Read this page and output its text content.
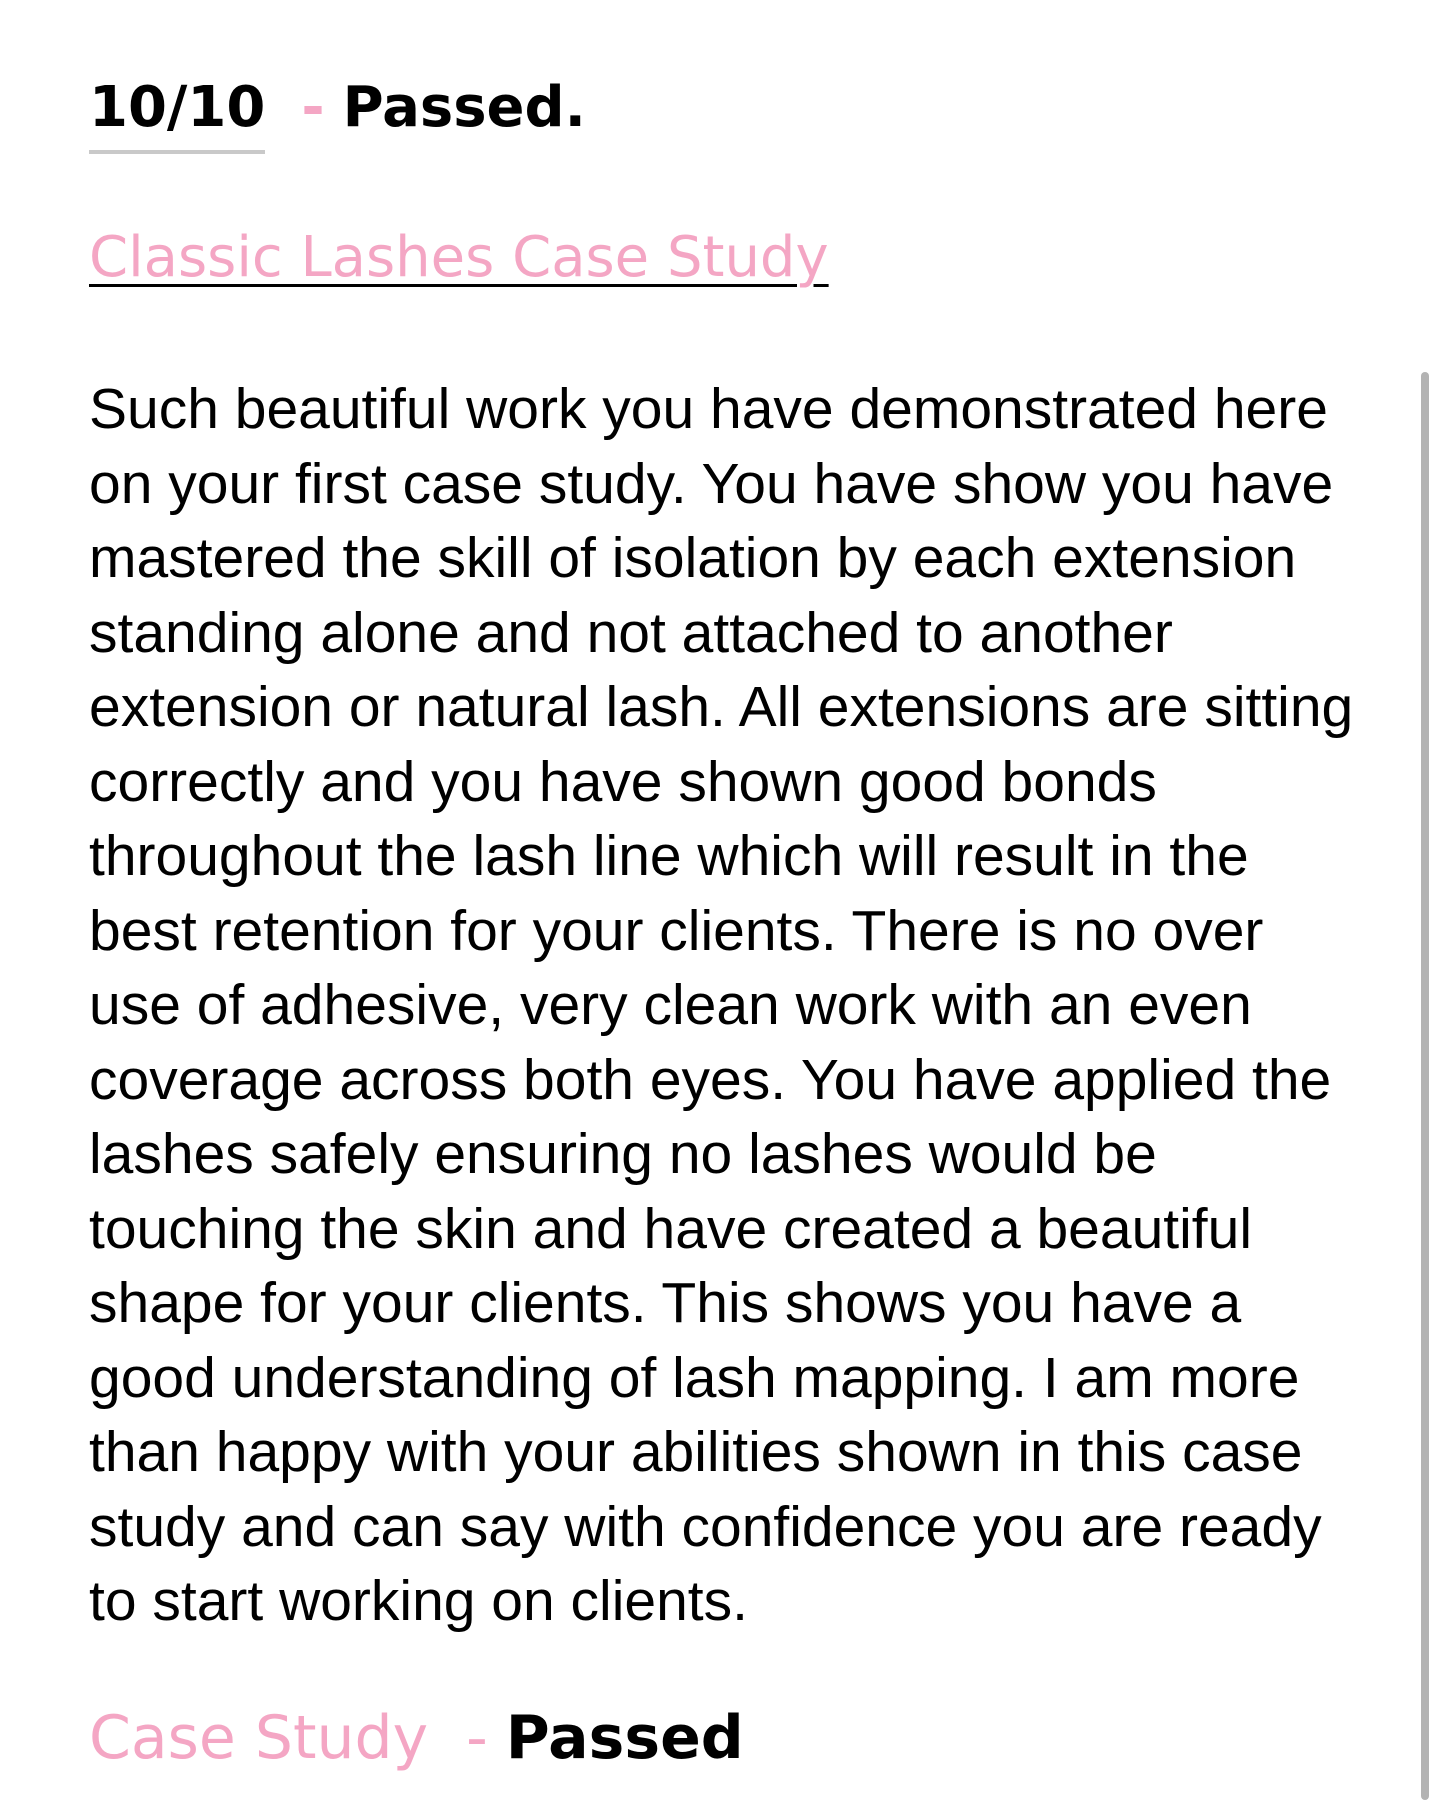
10/10 - Passed.
Classic Lashes Case Study

Such beautiful work you have demonstrated here on your first case study. You have show you have mastered the skill of isolation by each extension standing alone and not attached to another extension or natural lash. All extensions are sitting correctly and you have shown good bonds throughout the lash line which will result in the best retention for your clients. There is no over use of adhesive, very clean work with an even coverage across both eyes. You have applied the lashes safely ensuring no lashes would be touching the skin and have created a beautiful shape for your clients. This shows you have a good understanding of lash mapping. I am more than happy with your abilities shown in this case study and can say with confidence you are ready to start working on clients.

Case Study - Passed
